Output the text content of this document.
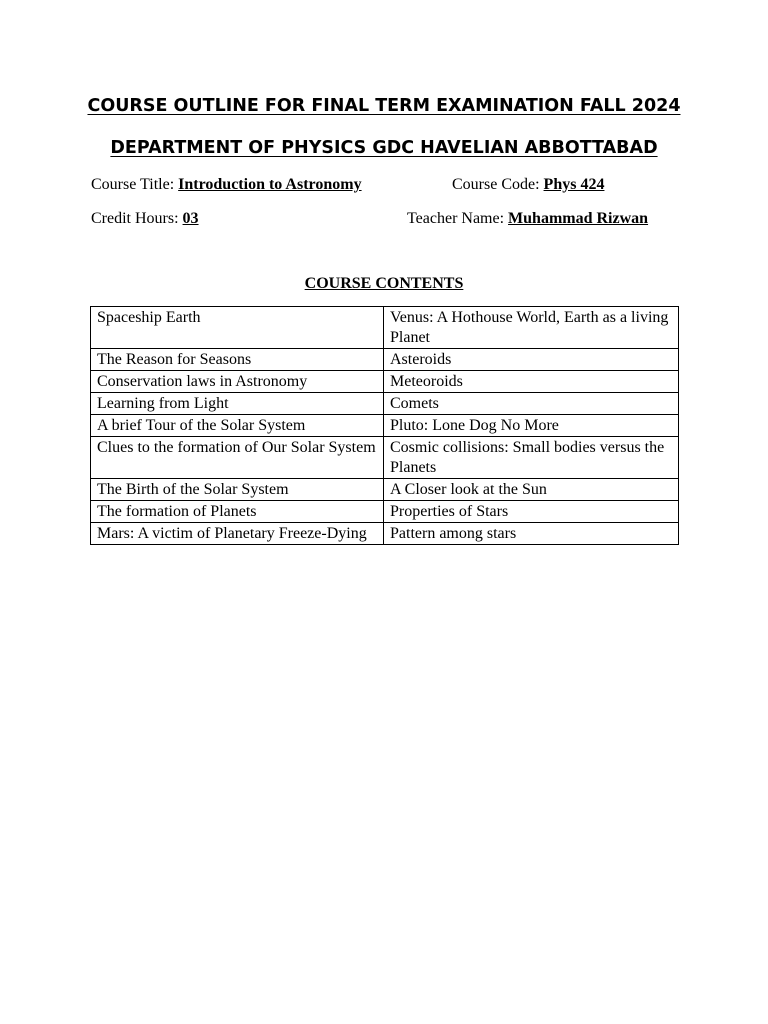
COURSE OUTLINE FOR FINAL TERM EXAMINATION FALL 2024
DEPARTMENT OF PHYSICS GDC HAVELIAN ABBOTTABAD
Course Title: Introduction to Astronomy	Course Code: Phys 424
Credit Hours: 03	Teacher Name: Muhammad Rizwan
COURSE CONTENTS
Spaceship Earth	Venus: A Hothouse World, Earth as a living Planet
The Reason for Seasons	Asteroids
Conservation laws in Astronomy	Meteoroids
Learning from Light	Comets
A brief Tour of the Solar System	Pluto: Lone Dog No More
Clues to the formation of Our Solar System	Cosmic collisions: Small bodies versus the Planets
The Birth of the Solar System	A Closer look at the Sun
The formation of Planets	Properties of Stars
Mars: A victim of Planetary Freeze-Dying	Pattern among stars
